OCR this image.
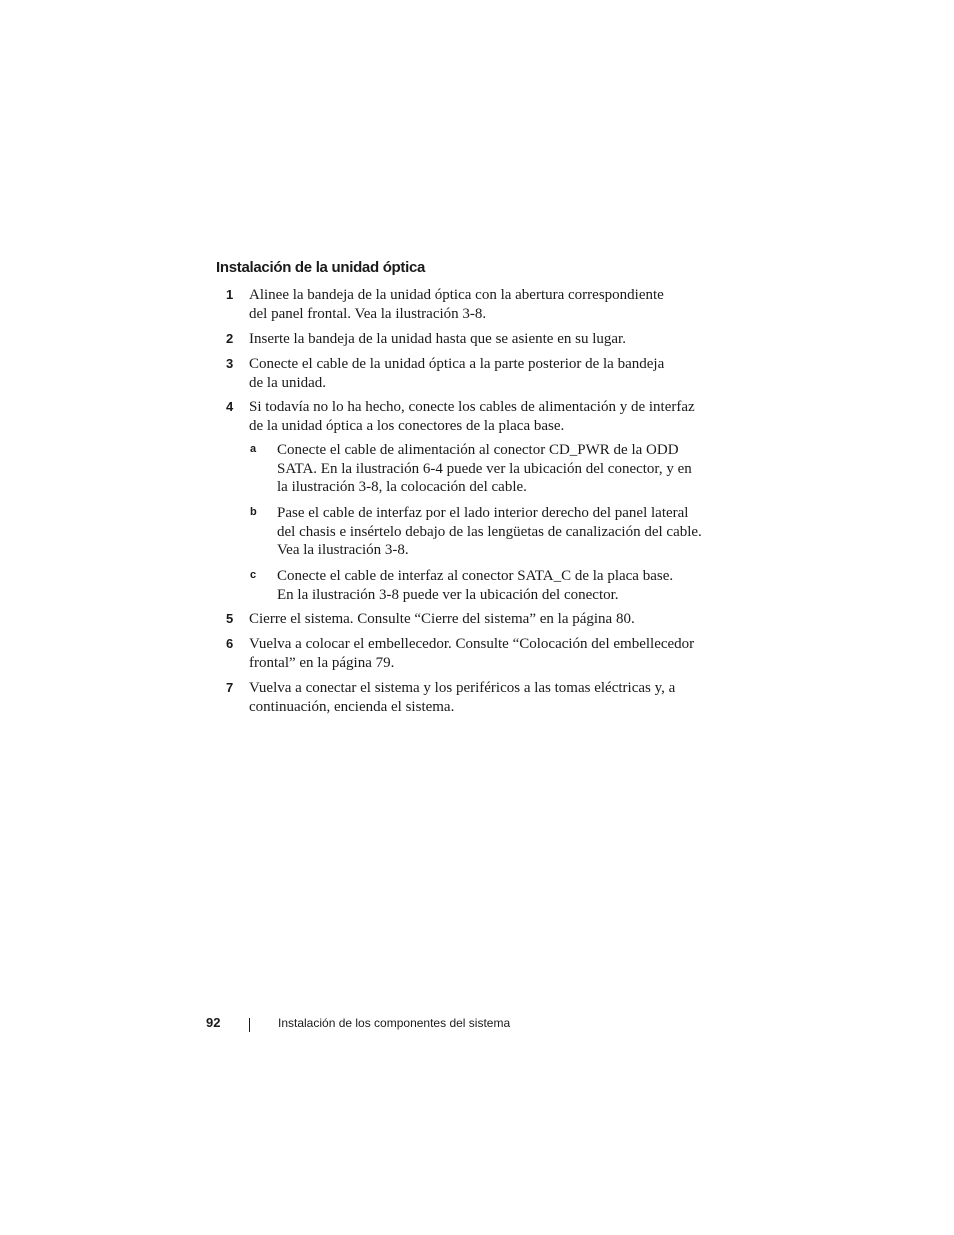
Instalación de la unidad óptica
1 Alinee la bandeja de la unidad óptica con la abertura correspondiente
del panel frontal. Vea la ilustración 3-8.
2 Inserte la bandeja de la unidad hasta que se asiente en su lugar.
3 Conecte el cable de la unidad óptica a la parte posterior de la bandeja
de la unidad.
4 Si todavía no lo ha hecho, conecte los cables de alimentación y de interfaz
de la unidad óptica a los conectores de la placa base.
a Conecte el cable de alimentación al conector CD_PWR de la ODD
SATA. En la ilustración 6-4 puede ver la ubicación del conector, y en
la ilustración 3-8, la colocación del cable.
b Pase el cable de interfaz por el lado interior derecho del panel lateral
del chasis e insértelo debajo de las lengüetas de canalización del cable.
Vea la ilustración 3-8.
c Conecte el cable de interfaz al conector SATA_C de la placa base.
En la ilustración 3-8 puede ver la ubicación del conector.
5 Cierre el sistema. Consulte “Cierre del sistema” en la página 80.
6 Vuelva a colocar el embellecedor. Consulte “Colocación del embellecedor
frontal” en la página 79.
7 Vuelva a conectar el sistema y los periféricos a las tomas eléctricas y, a
continuación, encienda el sistema.
92	Instalación de los componentes del sistema
